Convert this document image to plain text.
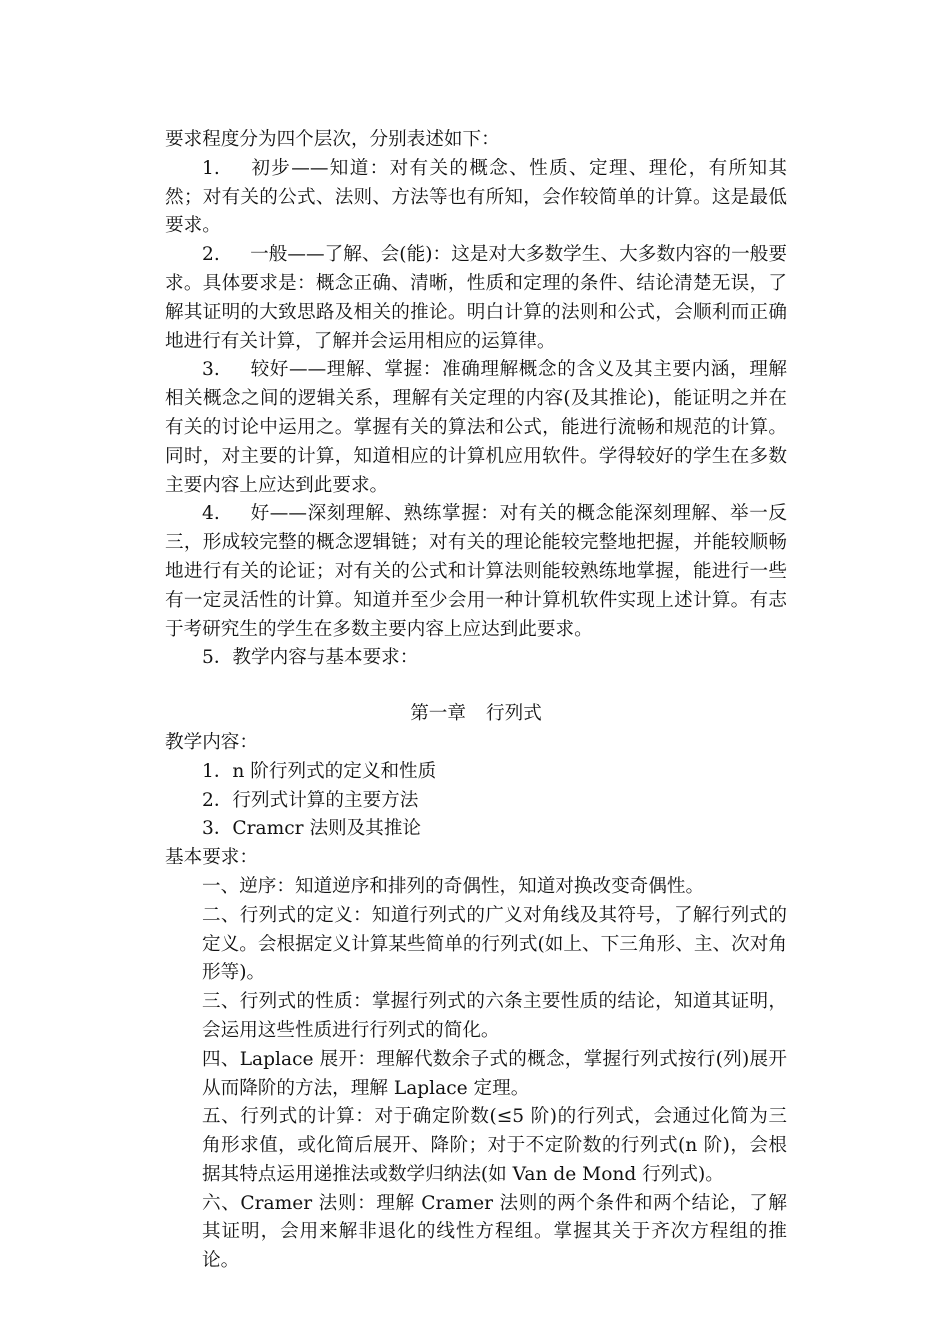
要求程度分为四个层次，分别表述如下：

1. 初步——知道：对有关的概念、性质、定理、理伦，有所知其然；对有关的公式、法则、方法等也有所知，会作较简单的计算。这是最低要求。

2. 一般——了解、会(能)：这是对大多数学生、大多数内容的一般要求。具体要求是：概念正确、清晰，性质和定理的条件、结论清楚无误，了解其证明的大致思路及相关的推论。明白计算的法则和公式，会顺利而正确地进行有关计算，了解并会运用相应的运算律。

3. 较好——理解、掌握：准确理解概念的含义及其主要内涵，理解相关概念之间的逻辑关系，理解有关定理的内容(及其推论)，能证明之并在有关的讨论中运用之。掌握有关的算法和公式，能进行流畅和规范的计算。同时，对主要的计算，知道相应的计算机应用软件。学得较好的学生在多数主要内容上应达到此要求。

4. 好——深刻理解、熟练掌握：对有关的概念能深刻理解、举一反三，形成较完整的概念逻辑链；对有关的理论能较完整地把握，并能较顺畅地进行有关的论证；对有关的公式和计算法则能较熟练地掌握，能进行一些有一定灵活性的计算。知道并至少会用一种计算机软件实现上述计算。有志于考研究生的学生在多数主要内容上应达到此要求。

5．教学内容与基本要求：

第一章 行列式

教学内容：

1．n 阶行列式的定义和性质

2．行列式计算的主要方法

3．Cramcr 法则及其推论

基本要求：

一、逆序：知道逆序和排列的奇偶性，知道对换改变奇偶性。

二、行列式的定义：知道行列式的广义对角线及其符号，了解行列式的定义。会根据定义计算某些简单的行列式(如上、下三角形、主、次对角形等)。

三、行列式的性质：掌握行列式的六条主要性质的结论，知道其证明，会运用这些性质进行行列式的简化。

四、Laplace 展开：理解代数余子式的概念，掌握行列式按行(列)展开从而降阶的方法，理解 Laplace 定理。

五、行列式的计算：对于确定阶数(≤5 阶)的行列式，会通过化简为三角形求值，或化简后展开、降阶；对于不定阶数的行列式(n 阶)，会根据其特点运用递推法或数学归纳法(如 Van de Mond 行列式)。

六、Cramer 法则：理解 Cramer 法则的两个条件和两个结论，了解其证明，会用来解非退化的线性方程组。掌握其关于齐次方程组的推论。
